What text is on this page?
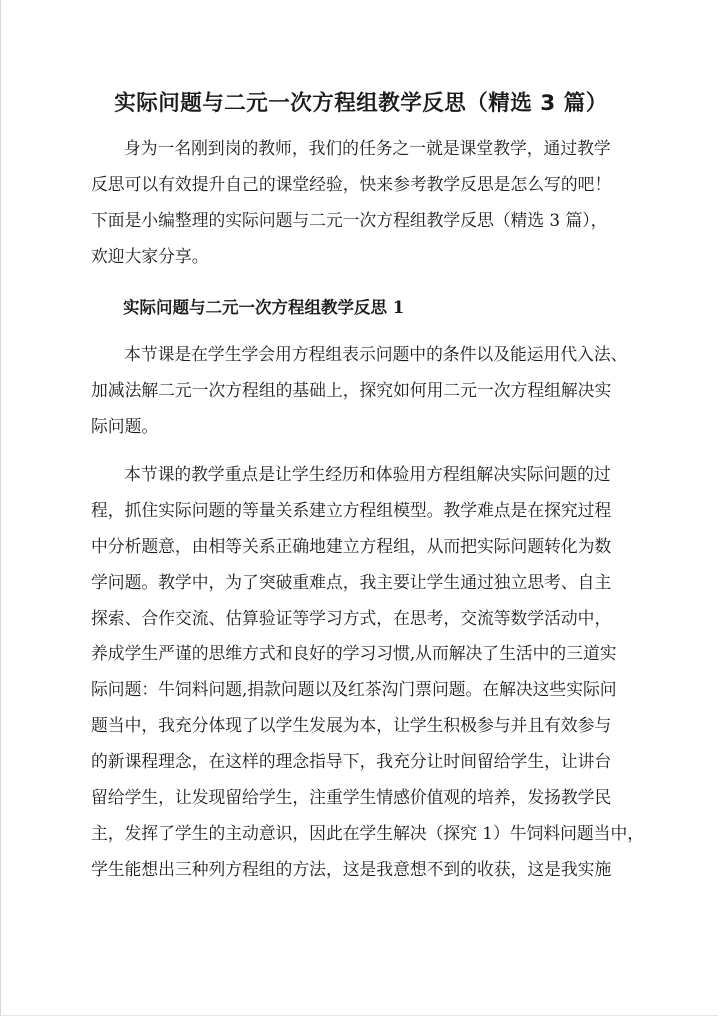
实际问题与二元一次方程组教学反思（精选 3 篇）
身为一名刚到岗的教师，我们的任务之一就是课堂教学，通过教学
反思可以有效提升自己的课堂经验，快来参考教学反思是怎么写的吧！
下面是小编整理的实际问题与二元一次方程组教学反思（精选 3 篇），
欢迎大家分享。
实际问题与二元一次方程组教学反思 1
本节课是在学生学会用方程组表示问题中的条件以及能运用代入法、
加减法解二元一次方程组的基础上，探究如何用二元一次方程组解决实
际问题。
本节课的教学重点是让学生经历和体验用方程组解决实际问题的过
程，抓住实际问题的等量关系建立方程组模型。教学难点是在探究过程
中分析题意，由相等关系正确地建立方程组，从而把实际问题转化为数
学问题。教学中，为了突破重难点，我主要让学生通过独立思考、自主
探索、合作交流、估算验证等学习方式，在思考，交流等数学活动中，
养成学生严谨的思维方式和良好的学习习惯,从而解决了生活中的三道实
际问题：牛饲料问题,捐款问题以及红茶沟门票问题。在解决这些实际问
题当中，我充分体现了以学生发展为本，让学生积极参与并且有效参与
的新课程理念，在这样的理念指导下，我充分让时间留给学生，让讲台
留给学生，让发现留给学生，注重学生情感价值观的培养，发扬教学民
主，发挥了学生的主动意识，因此在学生解决（探究 1）牛饲料问题当中，
学生能想出三种列方程组的方法，这是我意想不到的收获，这是我实施
